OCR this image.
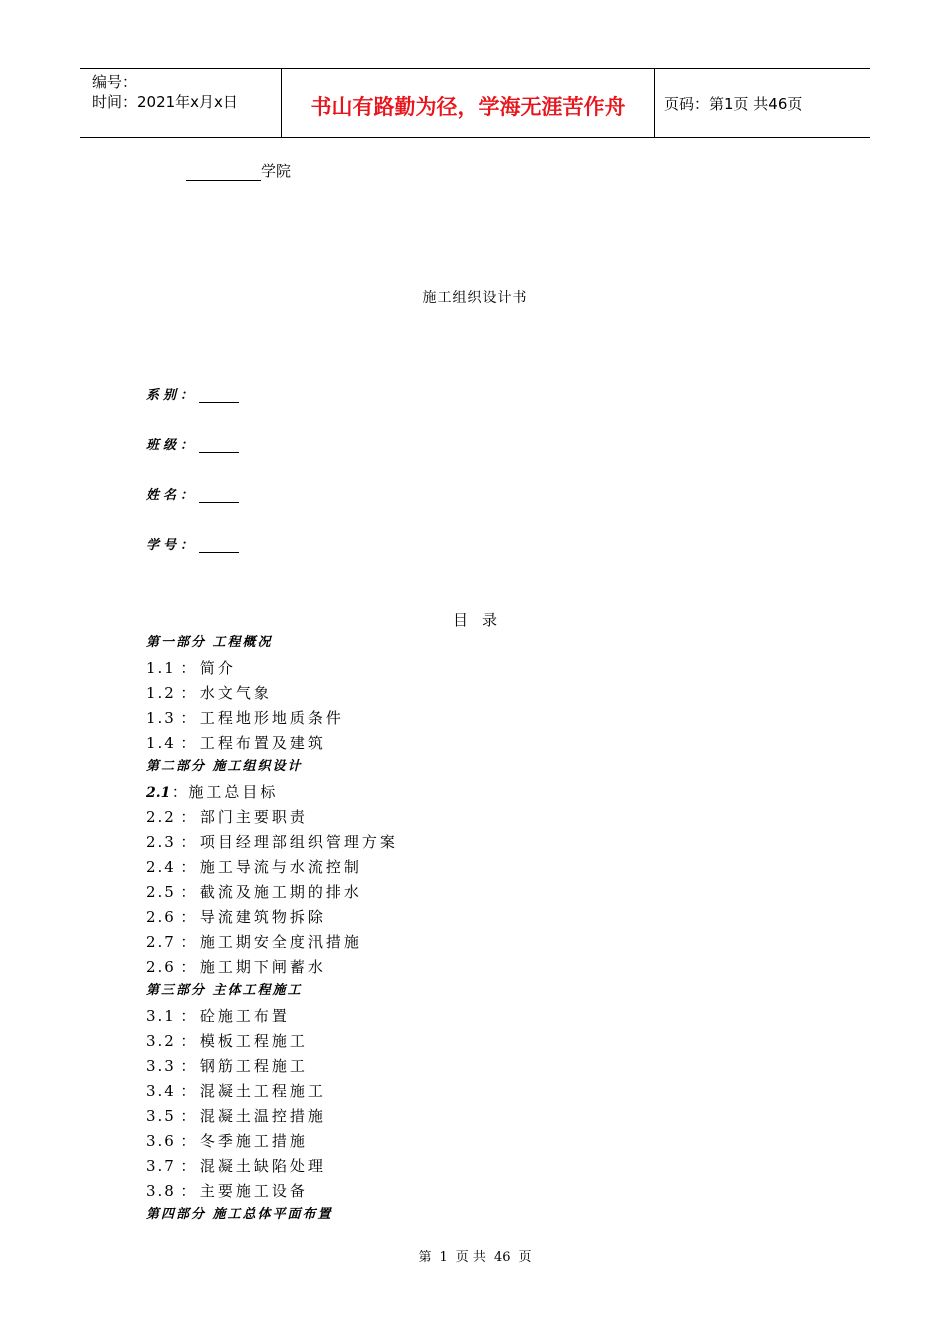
编号：
时间：2021年x月x日	书山有路勤为径，学海无涯苦作舟	页码：第1页 共46页
学院
施工组织设计书
系别：
班级：
姓名：
学号：
目录
第一部分 工程概况
1.1 ： 简介
1.2 ： 水文气象
1.3 ： 工程地形地质条件
1.4 ： 工程布置及建筑
第二部分 施工组织设计
2.1： 施工总目标
2.2 ： 部门主要职责
2.3 ： 项目经理部组织管理方案
2.4 ： 施工导流与水流控制
2.5 ： 截流及施工期的排水
2.6 ： 导流建筑物拆除
2.7 ： 施工期安全度汛措施
2.6 ： 施工期下闸蓄水
第三部分 主体工程施工
3.1 ： 砼施工布置
3.2 ： 模板工程施工
3.3 ： 钢筋工程施工
3.4 ： 混凝土工程施工
3.5 ： 混凝土温控措施
3.6 ： 冬季施工措施
3.7 ： 混凝土缺陷处理
3.8 ： 主要施工设备
第四部分 施工总体平面布置
第 1 页 共 46 页
